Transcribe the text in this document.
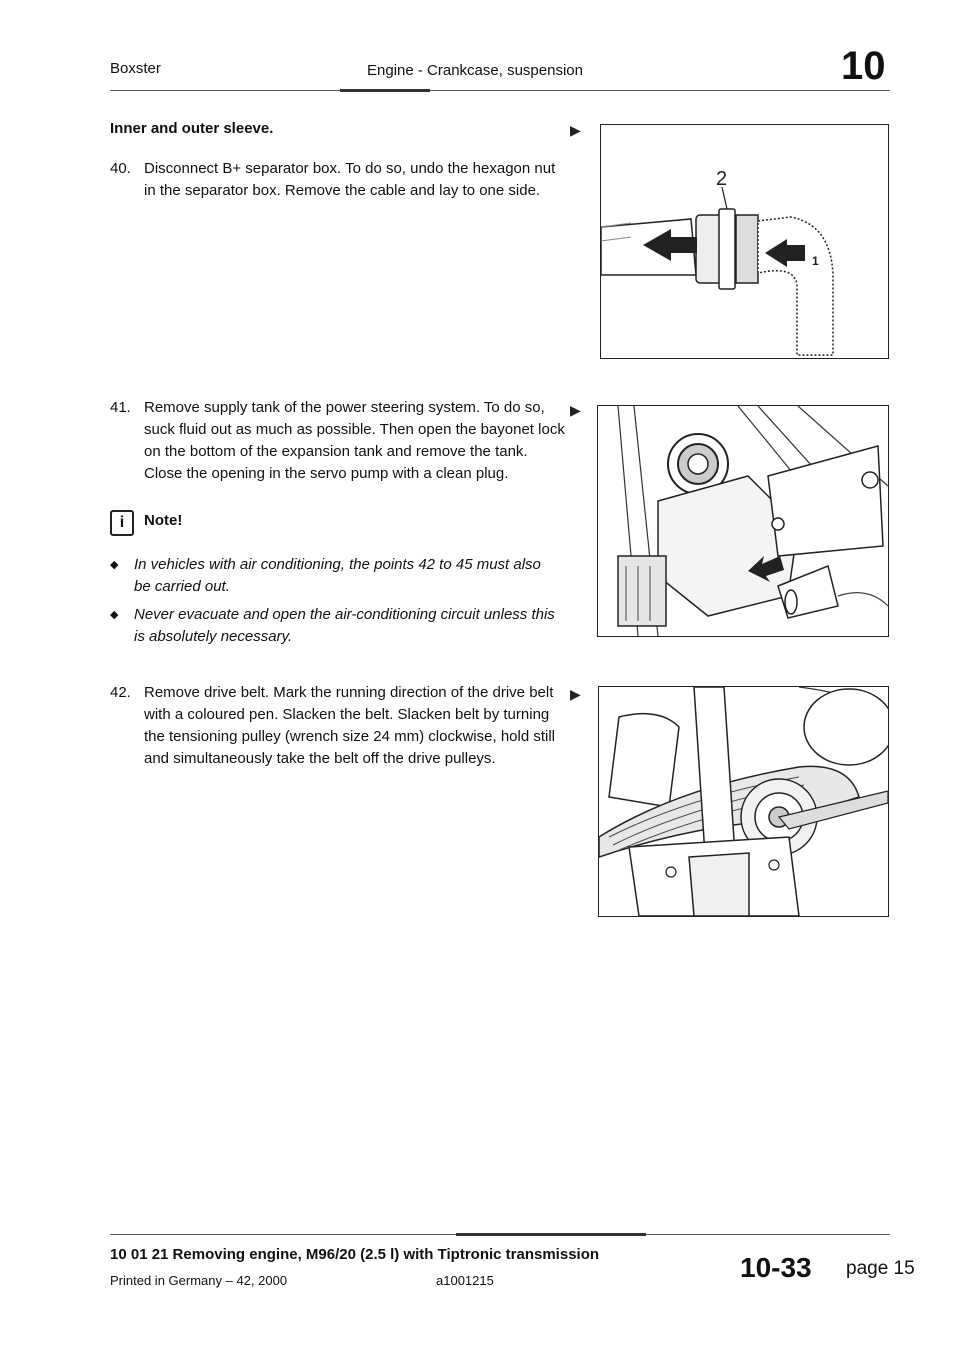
Boxster	Engine - Crankcase, suspension	10
Inner and outer sleeve.	▶
40. Disconnect B+ separator box. To do so, undo the hexagon nut
in the separator box. Remove the cable and lay to one side.
2
1
▶
41. Remove supply tank of the power steering system. To do so,
suck fluid out as much as possible. Then open the bayonet lock
on the bottom of the expansion tank and remove the tank.
Close the opening in the servo pump with a clean plug.
i	Note!
◆ In vehicles with air conditioning, the points 42 to 45 must also
be carried out.
◆ Never evacuate and open the air-conditioning circuit unless this
is absolutely necessary.
▶
42. Remove drive belt. Mark the running direction of the drive belt
with a coloured pen. Slacken the belt. Slacken belt by turning
the tensioning pulley (wrench size 24 mm) clockwise, hold still
and simultaneously take the belt off the drive pulleys.
10 01 21 Removing engine, M96/20 (2.5 l) with Tiptronic transmission
Printed in Germany – 42, 2000	a1001215	10-33 page 15
